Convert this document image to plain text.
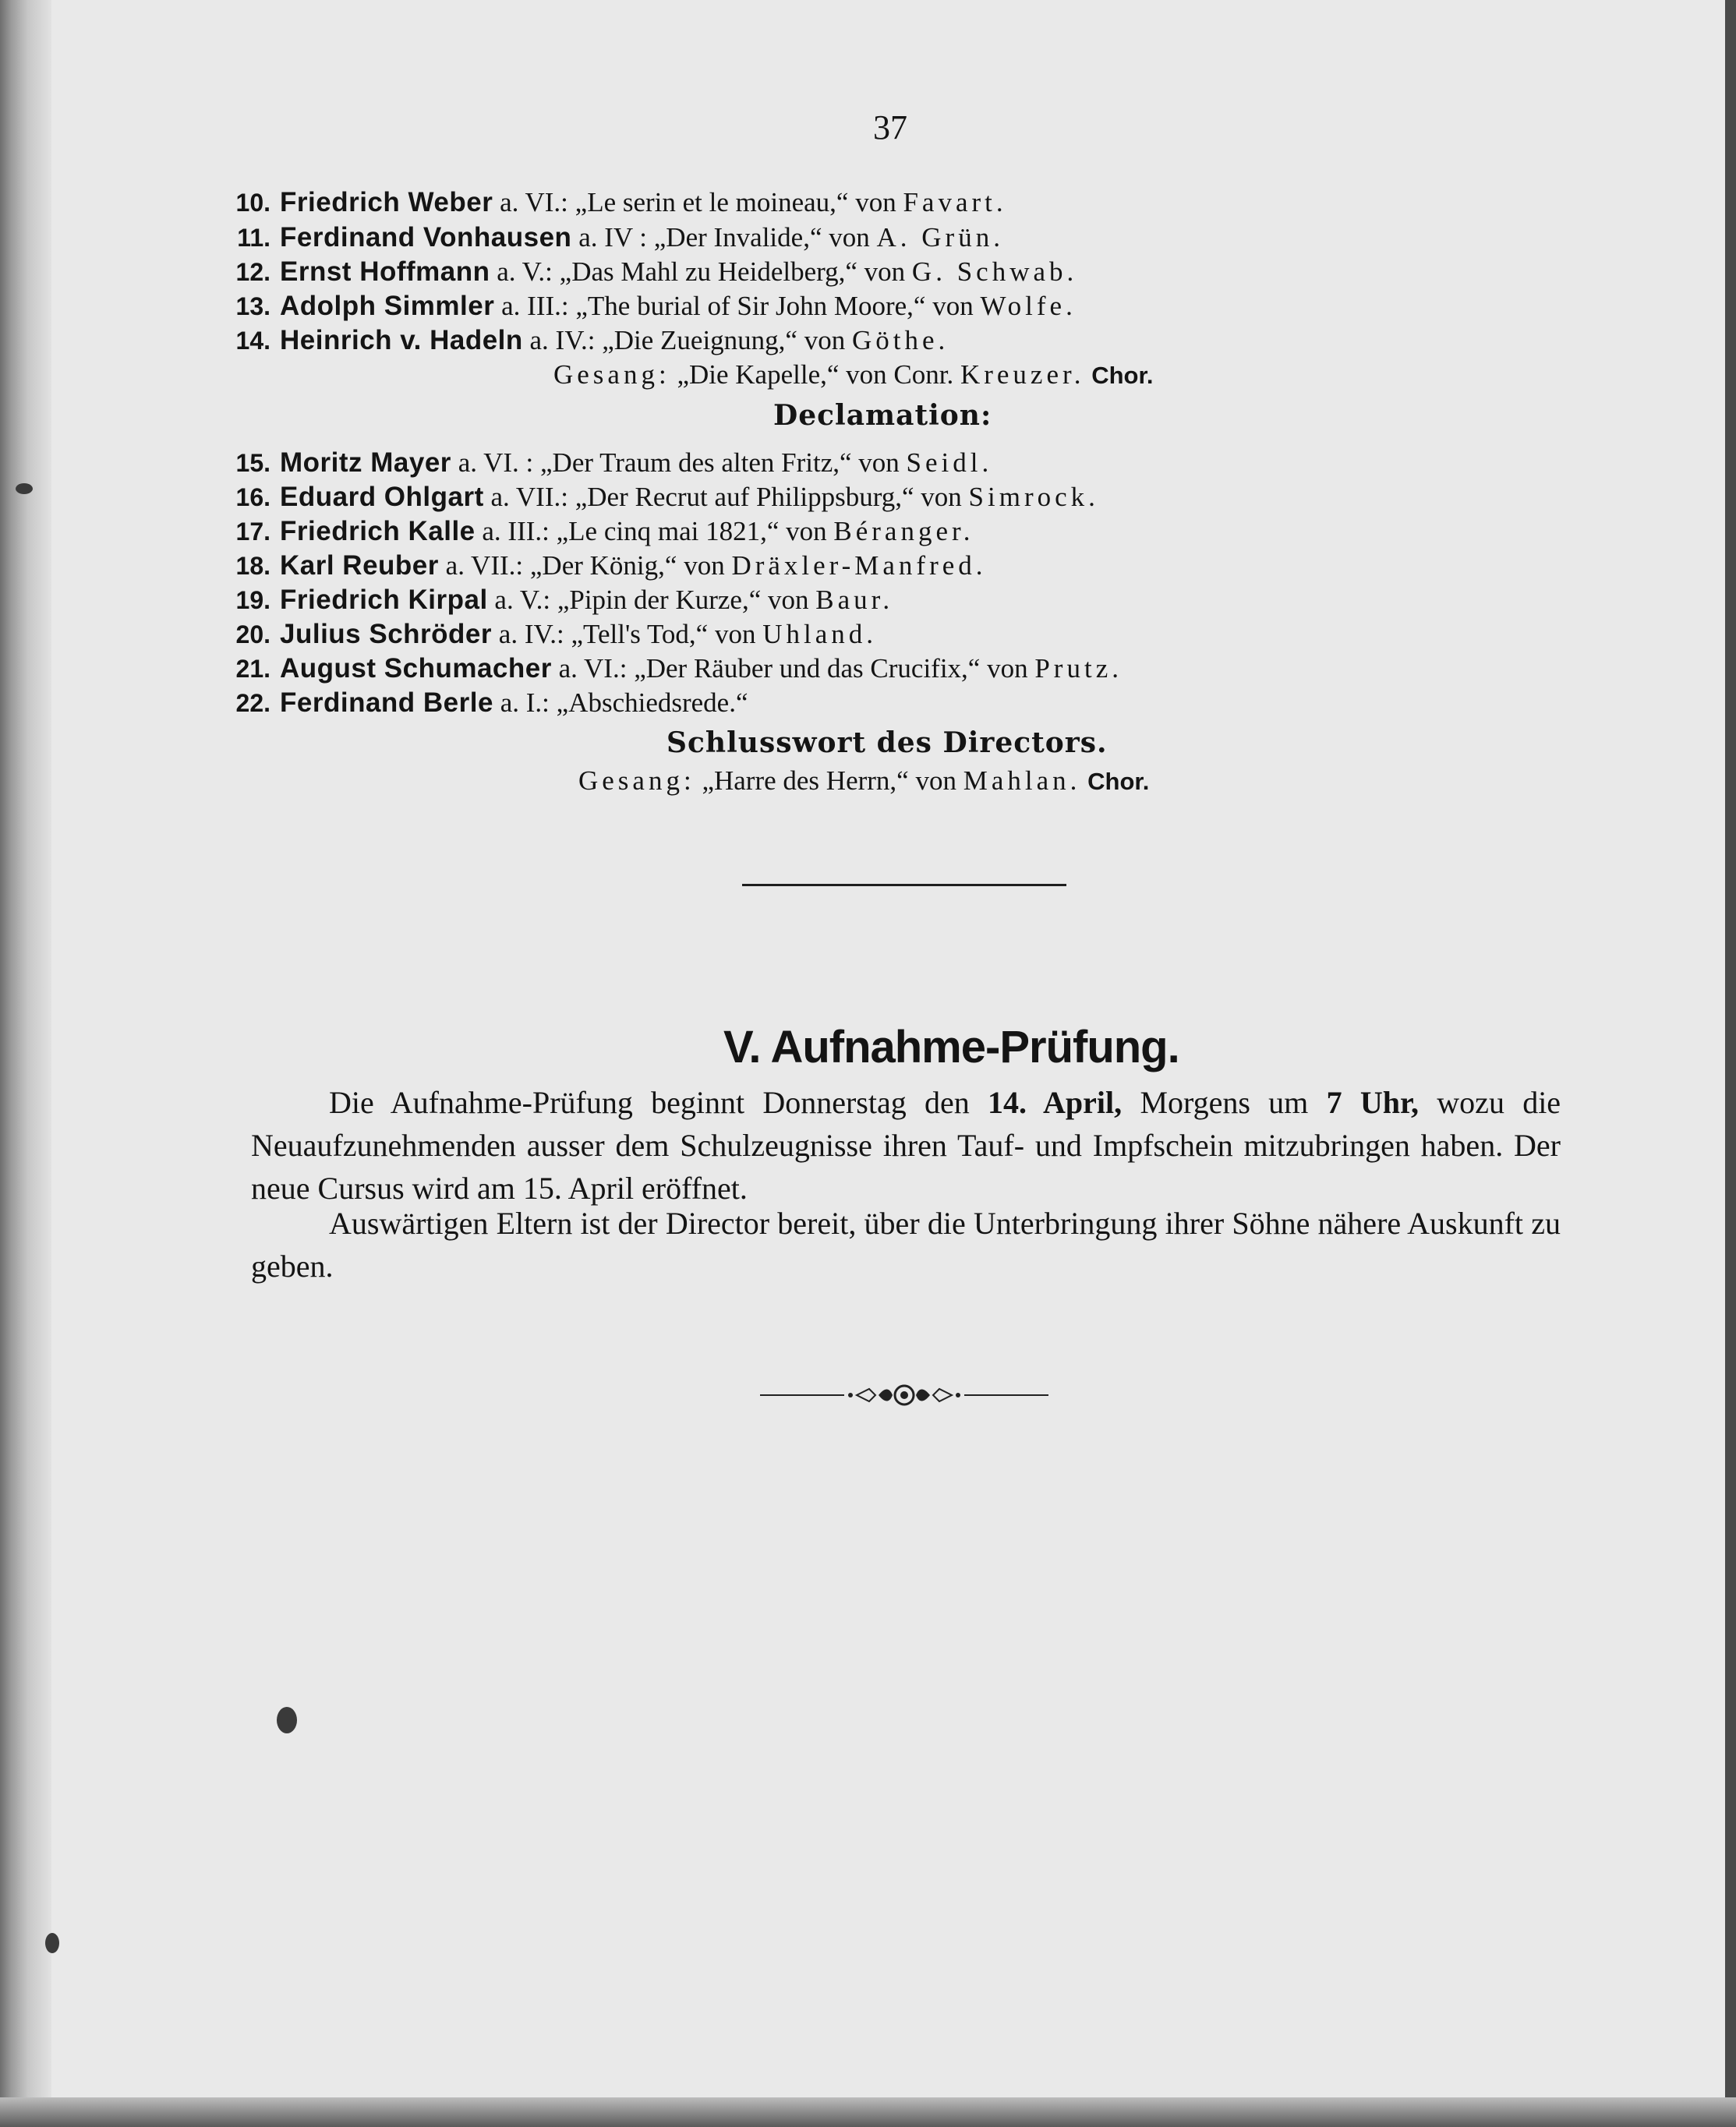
37
10. Friedrich Weber a. VI.: „Le serin et le moineau,“ von Favart.
11. Ferdinand Vonhausen a. IV : „Der Invalide,“ von A. Grün.
12. Ernst Hoffmann a. V.: „Das Mahl zu Heidelberg,“ von G. Schwab.
13. Adolph Simmler a. III.: „The burial of Sir John Moore,“ von Wolfe.
14. Heinrich v. Hadeln a. IV.: „Die Zueignung,“ von Göthe.
Gesang: „Die Kapelle,“ von Conr. Kreuzer. Chor.
Declamation:
15. Moritz Mayer a. VI. : „Der Traum des alten Fritz,“ von Seidl.
16. Eduard Ohlgart a. VII.: „Der Recrut auf Philippsburg,“ von Simrock.
17. Friedrich Kalle a. III.: „Le cinq mai 1821,“ von Béranger.
18. Karl Reuber a. VII.: „Der König,“ von Dräxler-Manfred.
19. Friedrich Kirpal a. V.: „Pipin der Kurze,“ von Baur.
20. Julius Schröder a. IV.: „Tell's Tod,“ von Uhland.
21. August Schumacher a. VI.: „Der Räuber und das Crucifix,“ von Prutz.
22. Ferdinand Berle a. I.: „Abschiedsrede.“
Schlusswort des Directors.
Gesang: „Harre des Herrn,“ von Mahlan. Chor.
V. Aufnahme-Prüfung.
Die Aufnahme-Prüfung beginnt Donnerstag den 14. April, Morgens um 7 Uhr, wozu die Neuaufzunehmenden ausser dem Schulzeugnisse ihren Tauf- und Impfschein mitzubringen haben. Der neue Cursus wird am 15. April eröffnet.
Auswärtigen Eltern ist der Director bereit, über die Unterbringung ihrer Söhne nähere Auskunft zu geben.
